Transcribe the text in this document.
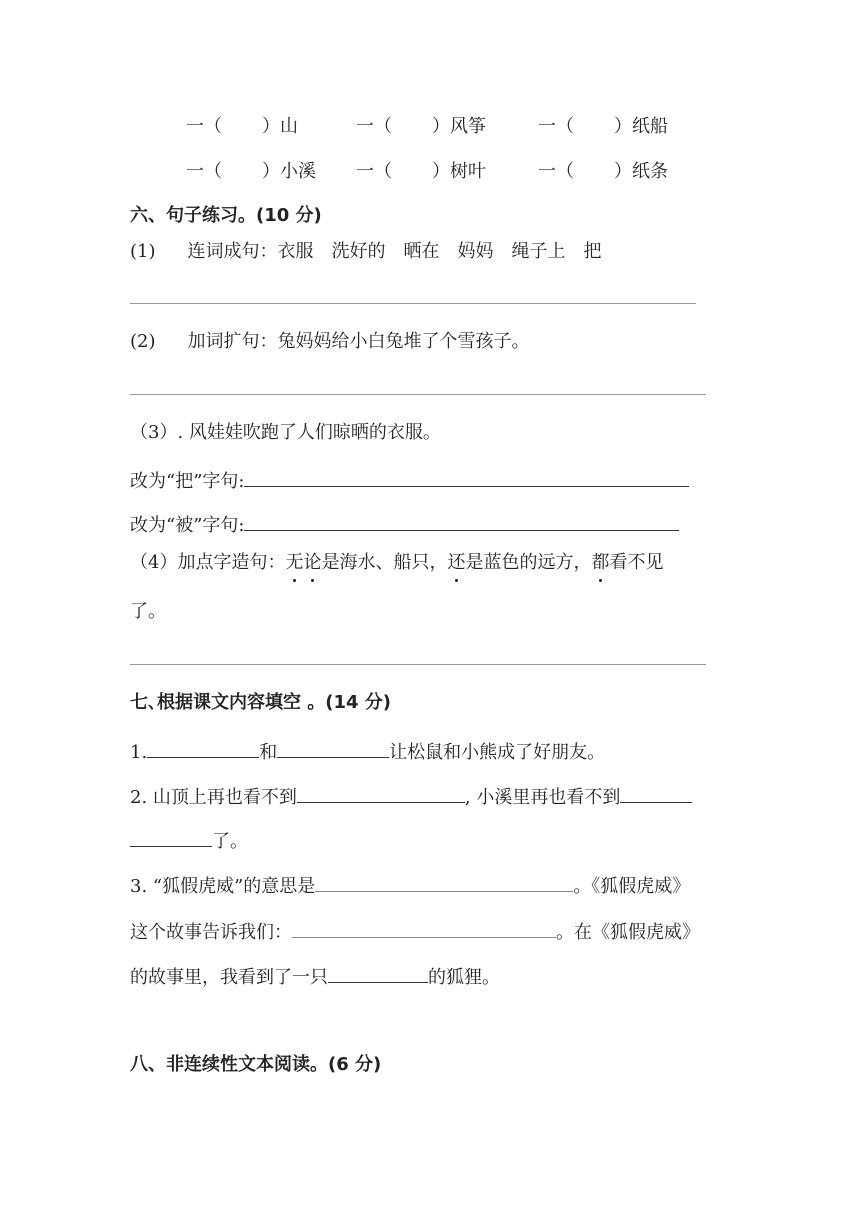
一（ ）山	一（ ）风筝	一（ ）纸船
一（ ）小溪 一（ ）树叶	一（ ）纸条
六、句子练习。(10 分)
(1) 连词成句：衣服　洗好的　晒在　妈妈　绳子上　把
(2) 加词扩句：兔妈妈给小白兔堆了个雪孩子。
（3）. 风娃娃吹跑了人们晾晒的衣服。
改为“把”字句:
改为“被”字句:
（4）加点字造句：无论是海水、船只，还是蓝色的远方，都看不见
了。
七､根据课文内容填空 。(14 分)
1.	和	让松鼠和小熊成了好朋友。
2. 山顶上再也看不到	, 小溪里再也看不到
了。
3. “狐假虎威”的意思是	。《狐假虎威》
这个故事告诉我们：	。在《狐假虎威》
的故事里，我看到了一只	的狐狸。
八、非连续性文本阅读。(6 分)
